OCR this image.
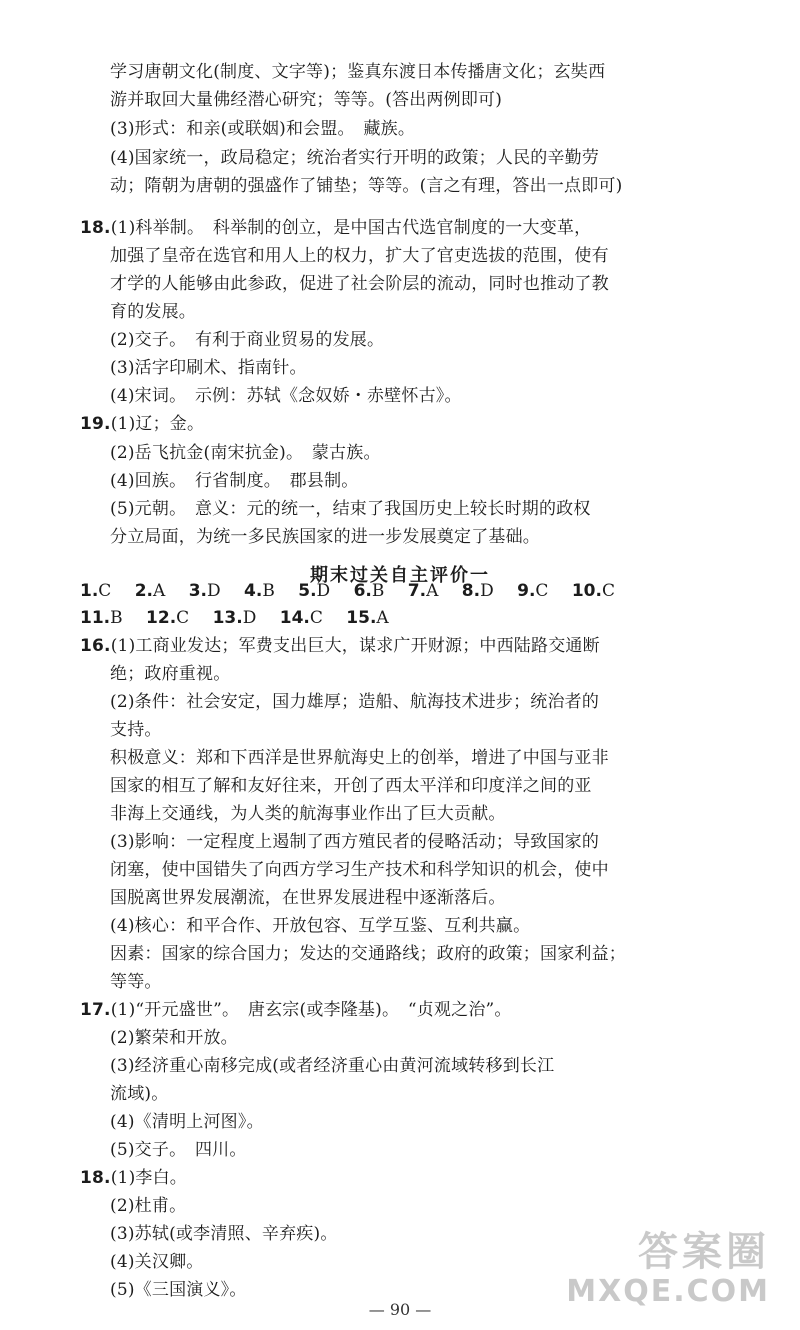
学习唐朝文化(制度、文字等)；鉴真东渡日本传播唐文化；玄奘西
游并取回大量佛经潜心研究；等等。(答出两例即可)
(3)形式：和亲(或联姻)和会盟。　藏族。
(4)国家统一，政局稳定；统治者实行开明的政策；人民的辛勤劳
动；隋朝为唐朝的强盛作了铺垫；等等。(言之有理，答出一点即可)
18.(1)科举制。　科举制的创立，是中国古代选官制度的一大变革，
加强了皇帝在选官和用人上的权力，扩大了官吏选拔的范围，使有
才学的人能够由此参政，促进了社会阶层的流动，同时也推动了教
育的发展。
(2)交子。　有利于商业贸易的发展。
(3)活字印刷术、指南针。
(4)宋词。　示例：苏轼《念奴娇・赤壁怀古》。
19.(1)辽；金。
(2)岳飞抗金(南宋抗金)。　蒙古族。
(4)回族。　行省制度。　郡县制。
(5)元朝。　意义：元的统一，结束了我国历史上较长时期的政权
分立局面，为统一多民族国家的进一步发展奠定了基础。
期末过关自主评价一
1.C 2.A 3.D 4.B 5.D 6.B 7.A 8.D 9.C 10.C
11.B 12.C 13.D 14.C 15.A
16.(1)工商业发达；军费支出巨大，谋求广开财源；中西陆路交通断
绝；政府重视。
(2)条件：社会安定，国力雄厚；造船、航海技术进步；统治者的
支持。
积极意义：郑和下西洋是世界航海史上的创举，增进了中国与亚非
国家的相互了解和友好往来，开创了西太平洋和印度洋之间的亚
非海上交通线，为人类的航海事业作出了巨大贡献。
(3)影响：一定程度上遏制了西方殖民者的侵略活动；导致国家的
闭塞，使中国错失了向西方学习生产技术和科学知识的机会，使中
国脱离世界发展潮流，在世界发展进程中逐渐落后。
(4)核心：和平合作、开放包容、互学互鉴、互利共赢。
因素：国家的综合国力；发达的交通路线；政府的政策；国家利益；
等等。
17.(1)“开元盛世”。　唐玄宗(或李隆基)。　“贞观之治”。
(2)繁荣和开放。
(3)经济重心南移完成(或者经济重心由黄河流域转移到长江
流域)。
(4)《清明上河图》。
(5)交子。　四川。
18.(1)李白。
(2)杜甫。
(3)苏轼(或李清照、辛弃疾)。
(4)关汉卿。
(5)《三国演义》。
— 90 —
答案圈
MXQE.COM
